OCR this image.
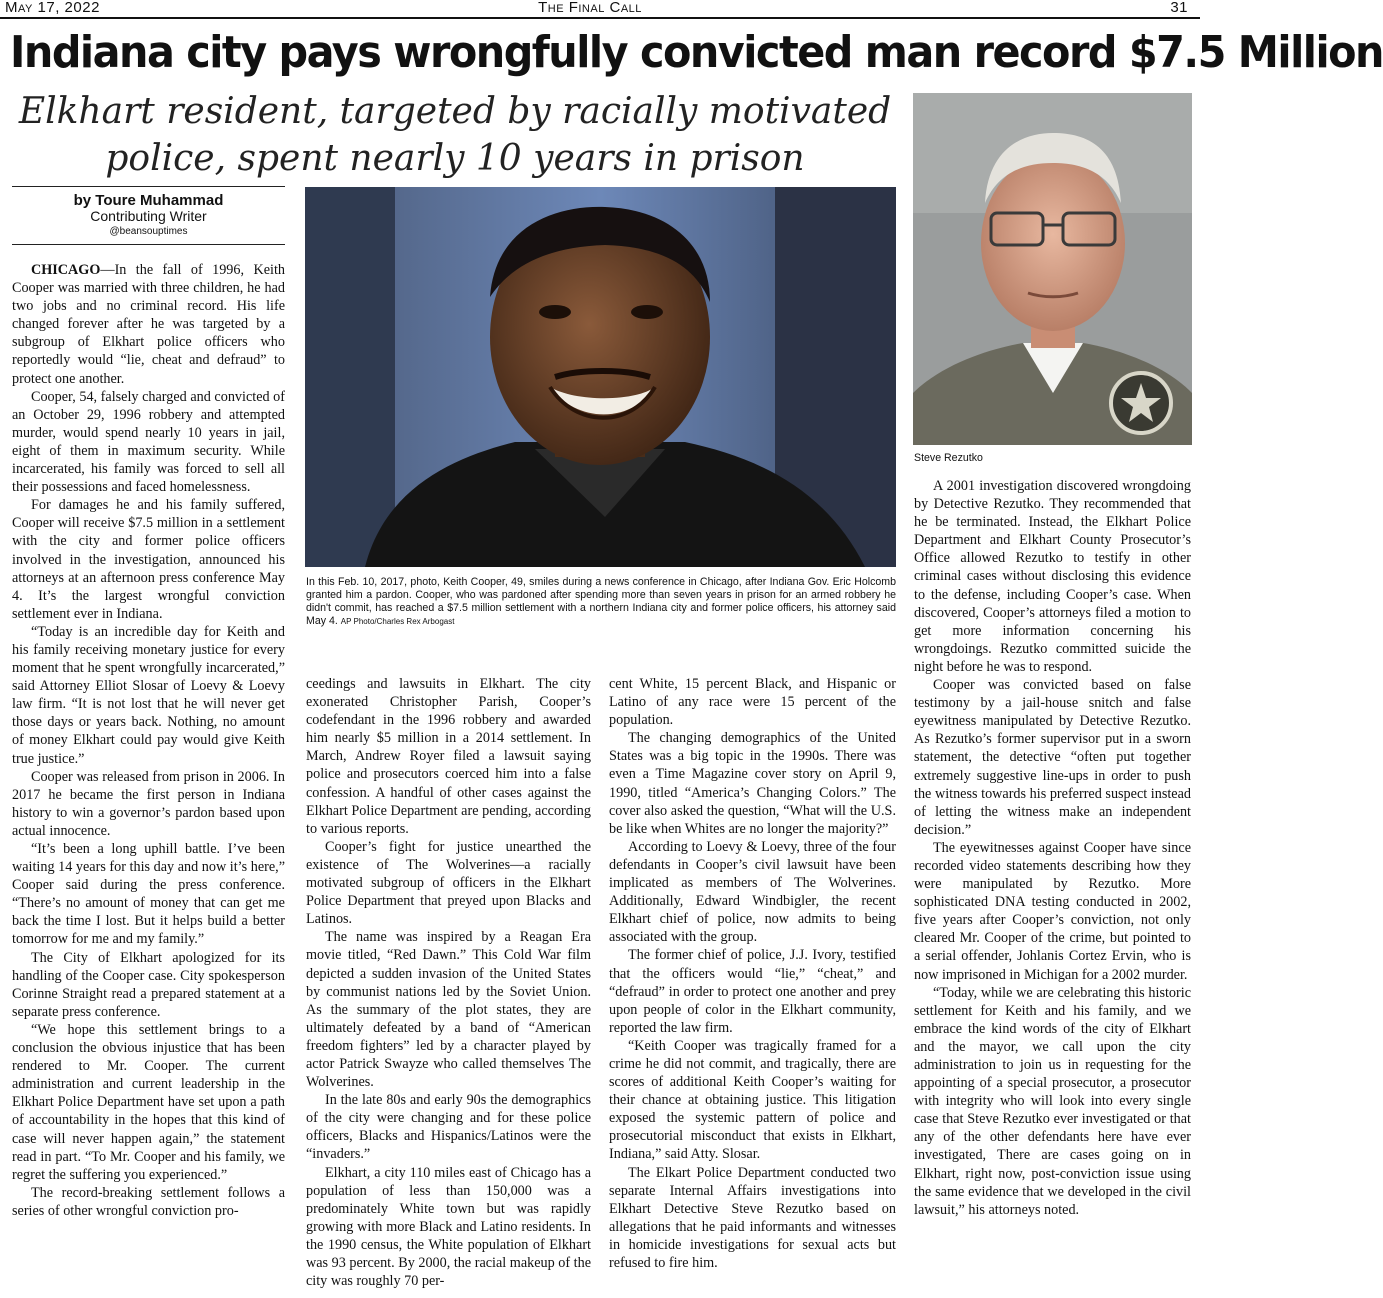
May 17, 2022	The Final Call	31
Indiana city pays wrongfully convicted man record $7.5 Million
Elkhart resident, targeted by racially motivated police, spent nearly 10 years in prison
by Toure Muhammad
Contributing Writer
@beansouptimes
In this Feb. 10, 2017, photo, Keith Cooper, 49, smiles during a news conference in Chicago, after Indiana Gov. Eric Holcomb granted him a pardon. Cooper, who was pardoned after spending more than seven years in prison for an armed robbery he didn't commit, has reached a $7.5 million settlement with a northern Indiana city and former police officers, his attorney said May 4. AP Photo/Charles Rex Arbogast
Steve Rezutko

CHICAGO—In the fall of 1996, Keith Cooper was married with three children, he had two jobs and no criminal record. His life changed forever after he was targeted by a subgroup of Elkhart police officers who reportedly would “lie, cheat and defraud” to protect one another.

Cooper, 54, falsely charged and convicted of an October 29, 1996 robbery and attempted murder, would spend nearly 10 years in jail, eight of them in maximum security. While incarcerated, his family was forced to sell all their possessions and faced homelessness.

For damages he and his family suffered, Cooper will receive $7.5 million in a settlement with the city and former police officers involved in the investigation, announced his attorneys at an afternoon press conference May 4. It’s the largest wrongful conviction settlement ever in Indiana.

“Today is an incredible day for Keith and his family receiving monetary justice for every moment that he spent wrongfully incarcerated,” said Attorney Elliot Slosar of Loevy & Loevy law firm. “It is not lost that he will never get those days or years back. Nothing, no amount of money Elkhart could pay would give Keith true justice.”

Cooper was released from prison in 2006. In 2017 he became the first person in Indiana history to win a governor’s pardon based upon actual innocence.

“It’s been a long uphill battle. I’ve been waiting 14 years for this day and now it’s here,” Cooper said during the press conference. “There’s no amount of money that can get me back the time I lost. But it helps build a better tomorrow for me and my family.”

The City of Elkhart apologized for its handling of the Cooper case. City spokesperson Corinne Straight read a prepared statement at a separate press conference.

“We hope this settlement brings to a conclusion the obvious injustice that has been rendered to Mr. Cooper. The current administration and current leadership in the Elkhart Police Department have set upon a path of accountability in the hopes that this kind of case will never happen again,” the statement read in part. “To Mr. Cooper and his family, we regret the suffering you experienced.”

The record-breaking settlement follows a series of other wrongful conviction pro-

ceedings and lawsuits in Elkhart. The city exonerated Christopher Parish, Cooper’s codefendant in the 1996 robbery and awarded him nearly $5 million in a 2014 settlement. In March, Andrew Royer filed a lawsuit saying police and prosecutors coerced him into a false confession. A handful of other cases against the Elkhart Police Department are pending, according to various reports.

Cooper’s fight for justice unearthed the existence of The Wolverines—a racially motivated subgroup of officers in the Elkhart Police Department that preyed upon Blacks and Latinos.

The name was inspired by a Reagan Era movie titled, “Red Dawn.” This Cold War film depicted a sudden invasion of the United States by communist nations led by the Soviet Union. As the summary of the plot states, they are ultimately defeated by a band of “American freedom fighters” led by a character played by actor Patrick Swayze who called themselves The Wolverines.

In the late 80s and early 90s the demographics of the city were changing and for these police officers, Blacks and Hispanics/Latinos were the “invaders.”

Elkhart, a city 110 miles east of Chicago has a population of less than 150,000 was a predominately White town but was rapidly growing with more Black and Latino residents. In the 1990 census, the White population of Elkhart was 93 percent. By 2000, the racial makeup of the city was roughly 70 per-

cent White, 15 percent Black, and Hispanic or Latino of any race were 15 percent of the population.

The changing demographics of the United States was a big topic in the 1990s. There was even a Time Magazine cover story on April 9, 1990, titled “America’s Changing Colors.” The cover also asked the question, “What will the U.S. be like when Whites are no longer the majority?”

According to Loevy & Loevy, three of the four defendants in Cooper’s civil lawsuit have been implicated as members of The Wolverines. Additionally, Edward Windbigler, the recent Elkhart chief of police, now admits to being associated with the group.

The former chief of police, J.J. Ivory, testified that the officers would “lie,” “cheat,” and “defraud” in order to protect one another and prey upon people of color in the Elkhart community, reported the law firm.

“Keith Cooper was tragically framed for a crime he did not commit, and tragically, there are scores of additional Keith Cooper’s waiting for their chance at obtaining justice. This litigation exposed the systemic pattern of police and prosecutorial misconduct that exists in Elkhart, Indiana,” said Atty. Slosar.

The Elkart Police Department conducted two separate Internal Affairs investigations into Elkhart Detective Steve Rezutko based on allegations that he paid informants and witnesses in homicide investigations for sexual acts but refused to fire him.

A 2001 investigation discovered wrongdoing by Detective Rezutko. They recommended that he be terminated. Instead, the Elkhart Police Department and Elkhart County Prosecutor’s Office allowed Rezutko to testify in other criminal cases without disclosing this evidence to the defense, including Cooper’s case. When discovered, Cooper’s attorneys filed a motion to get more information concerning his wrongdoings. Rezutko committed suicide the night before he was to respond.

Cooper was convicted based on false testimony by a jail-house snitch and false eyewitness manipulated by Detective Rezutko. As Rezutko’s former supervisor put in a sworn statement, the detective “often put together extremely suggestive line-ups in order to push the witness towards his preferred suspect instead of letting the witness make an independent decision.”

The eyewitnesses against Cooper have since recorded video statements describing how they were manipulated by Rezutko. More sophisticated DNA testing conducted in 2002, five years after Cooper’s conviction, not only cleared Mr. Cooper of the crime, but pointed to a serial offender, Johlanis Cortez Ervin, who is now imprisoned in Michigan for a 2002 murder.

“Today, while we are celebrating this historic settlement for Keith and his family, and we embrace the kind words of the city of Elkhart and the mayor, we call upon the city administration to join us in requesting for the appointing of a special prosecutor, a prosecutor with integrity who will look into every single case that Steve Rezutko ever investigated or that any of the other defendants here have ever investigated, There are cases going on in Elkhart, right now, post-conviction issue using the same evidence that we developed in the civil lawsuit,” his attorneys noted.
